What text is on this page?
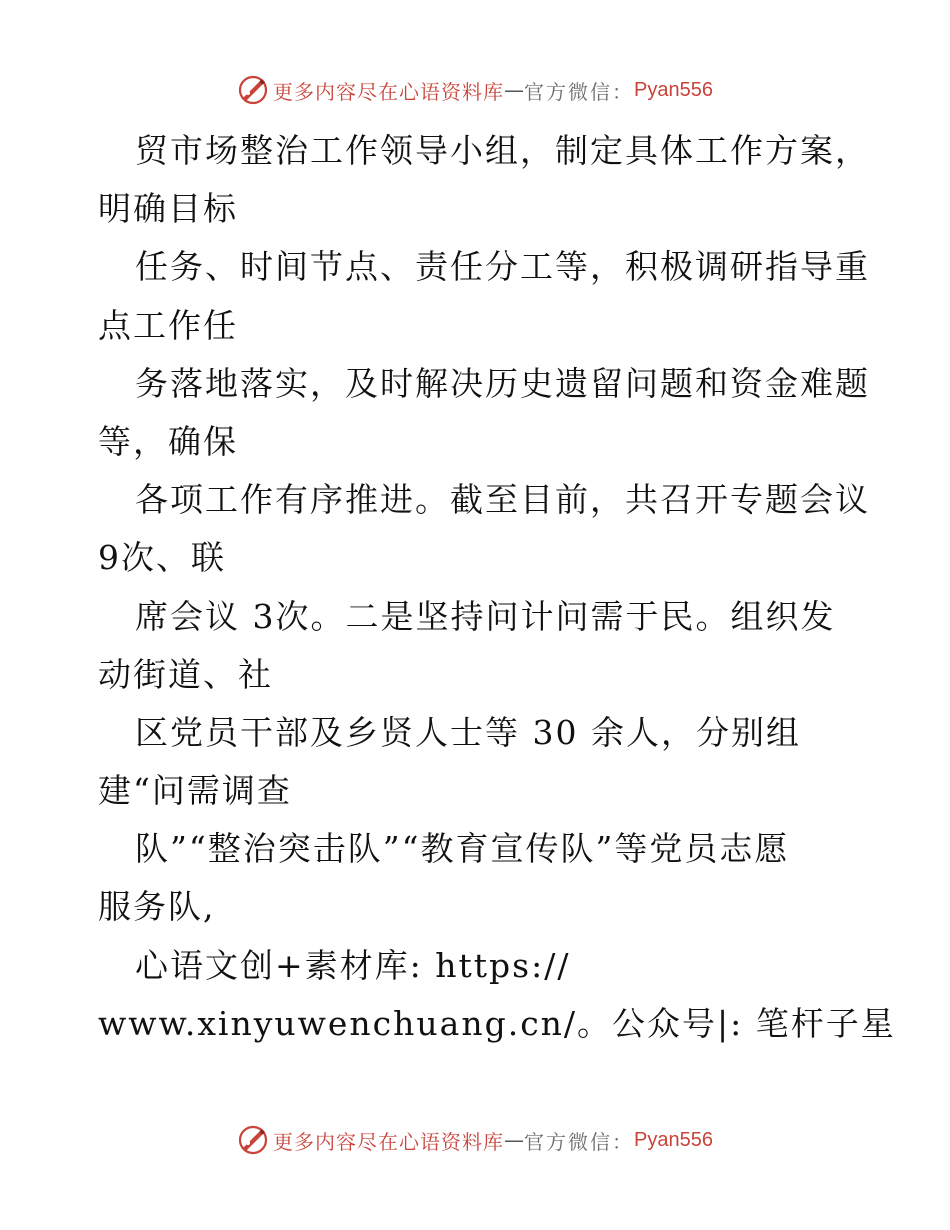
更多内容尽在心语资料库 — 官方微信： Pyan556
贸市场整治工作领导小组，制定具体工作方案，
明确目标
任务、时间节点、责任分工等，积极调研指导重
点工作任
务落地落实，及时解决历史遗留问题和资金难题
等，确保
各项工作有序推进。截至目前，共召开专题会议
9次、联
席会议 3次。二是坚持问计问需于民。组织发
动街道、社
区党员干部及乡贤人士等 30 余人，分别组
建“问需调查
队”“整治突击队”“教育宣传队”等党员志愿
服务队,
心语文创+素材库: https://
www.xinyuwenchuang.cn/。公众号|: 笔杆子星
更多内容尽在心语资料库 — 官方微信： Pyan556
